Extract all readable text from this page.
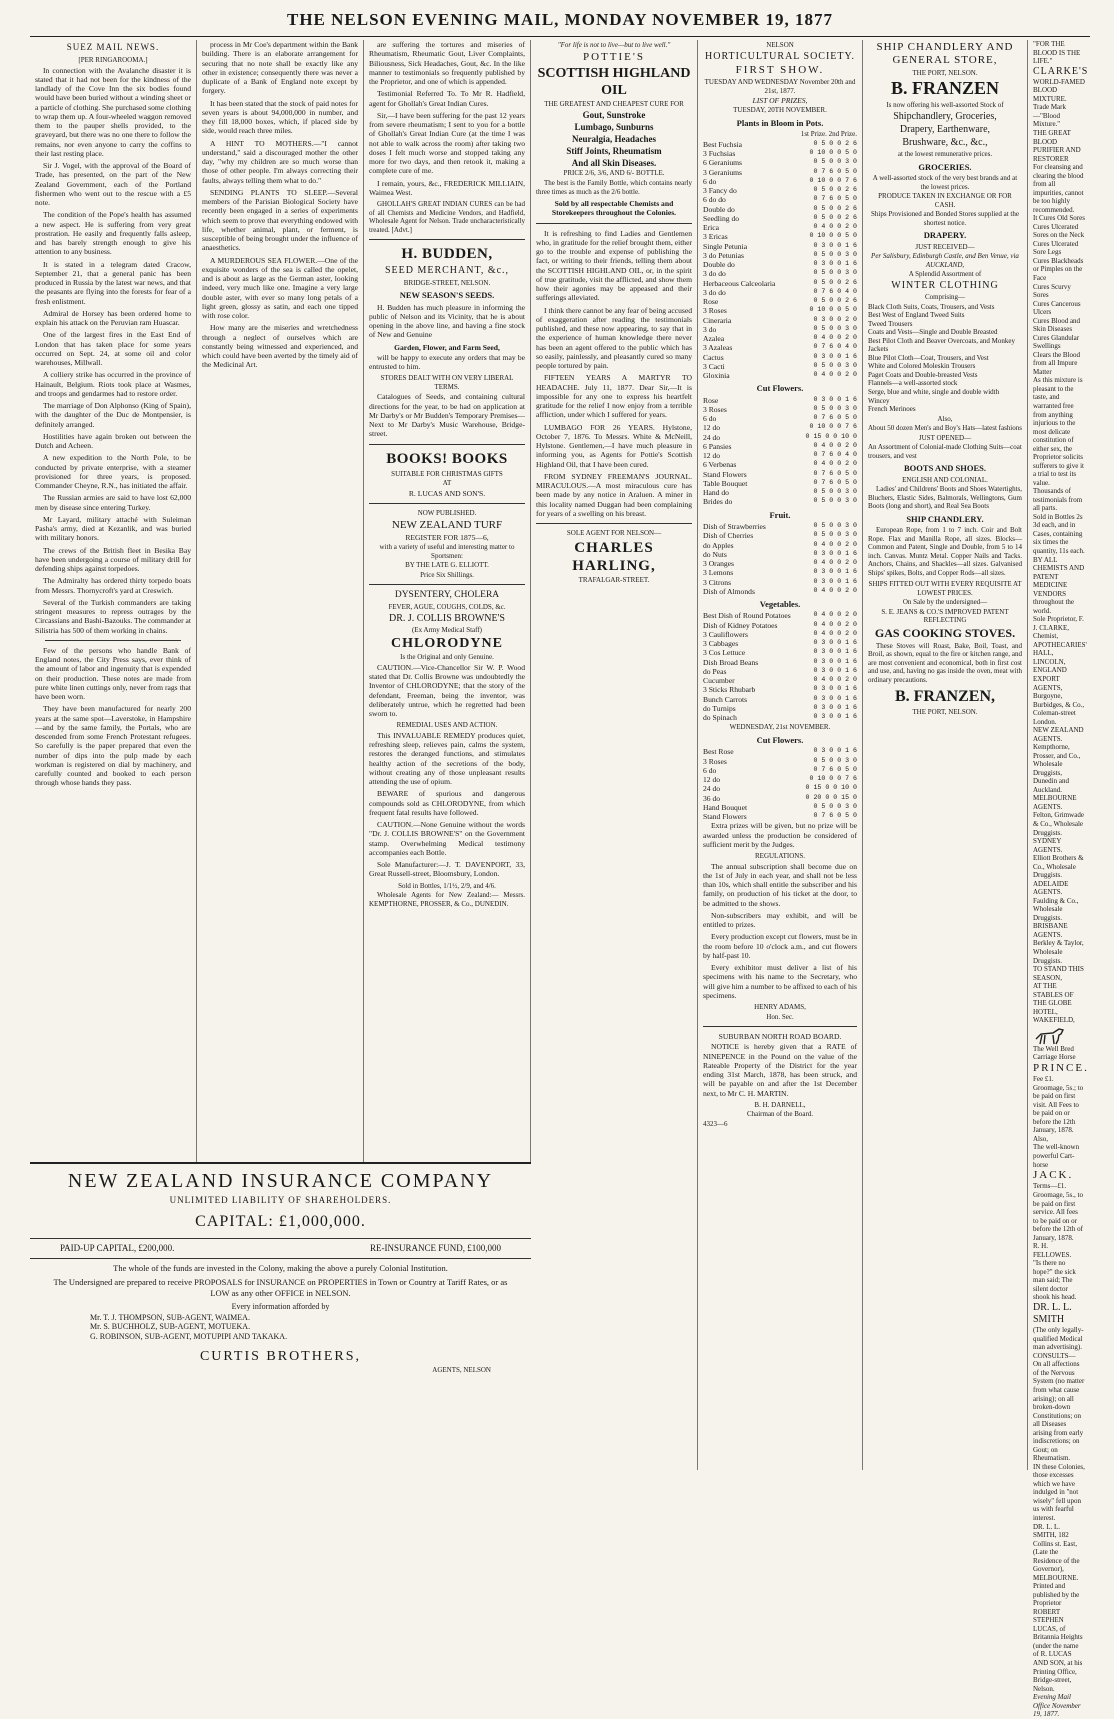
THE NELSON EVENING MAIL, MONDAY NOVEMBER 19, 1877
SUEZ MAIL NEWS.
[PER RINGAROOMA.]

In connection with the Avalanche disaster it is stated that it had not been for the kindness of the landlady of the Cove Inn the six bodies found would have been buried without a winding sheet or a particle of clothing. She purchased some clothing to wrap them up. A four-wheeled waggon removed them to the pauper shells provided, to the graveyard, but there was no one there to follow the remains, nor even anyone to carry the coffins to their last resting place.

Sir J. Vogel, with the approval of the Board of Trade, has presented, on the part of the New Zealand Government, each of the Portland fishermen who went out to the rescue with a £5 note.

The condition of the Pope's health has assumed a new aspect. He is suffering from very great prostration. He easily and frequently falls asleep, and has barely strength enough to give his attention to any business.

It is stated in a telegram dated Cracow, September 21, that a general panic has been produced in Russia by the latest war news, and that the peasants are flying into the forests for fear of a fresh enlistment.

Admiral de Horsey has been ordered home to explain his attack on the Peruvian ram Huascar.

One of the largest fires in the East End of London that has taken place for some years occurred on Sept. 24, at some oil and color warehouses, Millwall.

A colliery strike has occurred in the province of Hainault, Belgium. Riots took place at Wasmes, and troops and gendarmes had to restore order.

The marriage of Don Alphonso (King of Spain), with the daughter of the Duc de Montpensier, is definitely arranged.

Hostilities have again broken out between the Dutch and Acheen.

A new expedition to the North Pole, to be conducted by private enterprise, with a steamer provisioned for three years, is proposed. Commander Cheyne, R.N., has initiated the affair.

The Russian armies are said to have lost 62,000 men by disease since entering Turkey.

Mr Layard, military attaché with Suleiman Pasha's army, died at Kezanlik, and was buried with military honors.

The crews of the British fleet in Besika Bay have been undergoing a course of military drill for defending ships against torpedoes.

The Admiralty has ordered thirty torpedo boats from Messrs. Thornycroft's yard at Creswich.

Several of the Turkish commanders are taking stringent measures to repress outrages by the Circassians and Bashi-Bazouks. The commander at Silistria has 500 of them working in chains.

Few of the persons who handle Bank of England notes, the City Press says, ever think of the amount of labor and ingenuity that is expended on their production. These notes are made from pure white linen cuttings only, never from rags that have been worn.

They have been manufactured for nearly 200 years at the same spot—Laverstoke, in Hampshire—and by the same family, the Portals, who are descended from some French Protestant refugees. So carefully is the paper prepared that even the number of dips into the pulp made by each workman is registered on dial by machinery, and carefully counted and booked to each person through whose hands they pass.

process in Mr Coe's department within the Bank building. There is an elaborate arrangement for securing that no note shall be exactly like any other in existence; consequently there was never a duplicate of a Bank of England note except by forgery.

It has been stated that the stock of paid notes for seven years is about 94,000,000 in number, and they fill 18,000 boxes, which, if placed side by side, would reach three miles.

A HINT TO MOTHERS.—"I cannot understand," said a discouraged mother the other day, "why my children are so much worse than those of other people. I'm always correcting their faults, always telling them what to do."

SENDING PLANTS TO SLEEP.—Several members of the Parisian Biological Society have recently been engaged in a series of experiments which seem to prove that everything endowed with life, whether animal, plant, or ferment, is susceptible of being brought under the influence of anaesthetics.

A MURDEROUS SEA FLOWER.—One of the exquisite wonders of the sea is called the opelet, and is about as large as the German aster, looking indeed, very much like one. Imagine a very large double aster, with ever so many long petals of a light green, glossy as satin, and each one tipped with rose color.

How many are the miseries and wretchedness through a neglect of ourselves which are constantly being witnessed and experienced, and which could have been averted by the timely aid of the Medicinal Art.

are suffering the tortures and miseries of Rheumatism, Rheumatic Gout, Liver Complaints, Biliousness, Sick Headaches, Gout, &c. In the like manner to testimonials so frequently published by the Proprietor, and one of which is appended.

Testimonial Referred To. To Mr R. Hadfield, agent for Ghollah's Great Indian Cures.

Sir,—I have been suffering for the past 12 years from severe rheumatism; I sent to you for a bottle of Ghollah's Great Indian Cure (at the time I was not able to walk across the room) after taking two doses I felt much worse and stopped taking any more for two days, and then retook it, making a complete cure of me.

I remain, yours, &c., FREDERICK MILLIAIN, Waimea West.

GHOLLAH'S GREAT INDIAN CURES can be had of all Chemists and Medicine Vendors, and Hadfield, Wholesale Agent for Nelson. Trade uncharacteristically treated. [Advt.]

H. BUDDEN,
SEED MERCHANT, &c.,
BRIDGE-STREET, NELSON.
NEW SEASON'S SEEDS.

H. Budden has much pleasure in informing the public of Nelson and its Vicinity, that he is about opening in the above line, and having a fine stock of New and Genuine

Garden, Flower, and Farm Seed,

will be happy to execute any orders that may be entrusted to him.

STORES DEALT WITH ON VERY LIBERAL TERMS.

Catalogues of Seeds, and containing cultural directions for the year, to be had on application at Mr Darby's or Mr Budden's Temporary Premises—Next to Mr Darby's Music Warehouse, Bridge-street.

BOOKS! BOOKS
SUITABLE FOR CHRISTMAS GIFTS
AT
R. LUCAS AND SON'S.
NOW PUBLISHED.
NEW ZEALAND TURF
REGISTER FOR 1875—6,
with a variety of useful and interesting matter to Sportsmen:
BY THE LATE G. ELLIOTT.
Price Six Shillings.
DYSENTERY, CHOLERA
FEVER, AGUE, COUGHS, COLDS, &c.
DR. J. COLLIS BROWNE'S
(Ex Army Medical Staff)
CHLORODYNE
Is the Original and only Genuine.

CAUTION.—Vice-Chancellor Sir W. P. Wood stated that Dr. Collis Browne was undoubtedly the Inventor of CHLORODYNE; that the story of the defendant, Freeman, being the inventor, was deliberately untrue, which he regretted had been sworn to.

REMEDIAL USES AND ACTION.

This INVALUABLE REMEDY produces quiet, refreshing sleep, relieves pain, calms the system, restores the deranged functions, and stimulates healthy action of the secretions of the body, without creating any of those unpleasant results attending the use of opium.

BEWARE of spurious and dangerous compounds sold as CHLORODYNE, from which frequent fatal results have followed.

CAUTION.—None Genuine without the words "Dr. J. COLLIS BROWNE'S" on the Government stamp. Overwhelming Medical testimony accompanies each Bottle.

Sole Manufacturer:—J. T. DAVENPORT, 33, Great Russell-street, Bloomsbury, London.

Sold in Bottles, 1/1½, 2/9, and 4/6.

Wholesale Agents for New Zealand:— Messrs. KEMPTHORNE, PROSSER, & Co., DUNEDIN.

"For life is not to live—but to live well."
POTTIE'S
SCOTTISH HIGHLAND OIL
THE GREATEST AND CHEAPEST CURE FOR
Gout, Sunstroke
Lumbago, Sunburns
Neuralgia, Headaches
Stiff Joints, Rheumatism
And all Skin Diseases.
PRICE 2/6, 3/6, AND 6/- BOTTLE.

The best is the Family Bottle, which contains nearly three times as much as the 2/6 bottle.

Sold by all respectable Chemists and Storekeepers throughout the Colonies.

It is refreshing to find Ladies and Gentlemen who, in gratitude for the relief brought them, either go to the trouble and expense of publishing the fact, or writing to their friends, telling them about the SCOTTISH HIGHLAND OIL, or, in the spirit of true gratitude, visit the afflicted, and show them how their agonies may be appeased and their sufferings alleviated.

I think there cannot be any fear of being accused of exaggeration after reading the testimonials published, and these now appearing, to say that in the experience of human knowledge there never has been an agent offered to the public which has so easily, painlessly, and pleasantly cured so many people tortured by pain.

FIFTEEN YEARS A MARTYR TO HEADACHE. July 11, 1877. Dear Sir,—It is impossible for any one to express his heartfelt gratitude for the relief I now enjoy from a terrible affliction, under which I suffered for years.

LUMBAGO FOR 26 YEARS. Hylstone, October 7, 1876. To Messrs. White & McNeill, Hylstone. Gentlemen,—I have much pleasure in informing you, as Agents for Pottie's Scottish Highland Oil, that I have been cured.

FROM SYDNEY FREEMAN'S JOURNAL. MIRACULOUS.—A most miraculous cure has been made by any notice in Araluen. A miner in this locality named Duggan had been complaining for years of a swelling on his breast.

SOLE AGENT FOR NELSON—
CHARLES HARLING,
TRAFALGAR-STREET.
NELSON
HORTICULTURAL SOCIETY.
FIRST SHOW.
TUESDAY AND WEDNESDAY November 20th and 21st, 1877.
LIST OF PRIZES,
TUESDAY, 20TH NOVEMBER.
Plants in Bloom in Pots.
1st Prize. 2nd Prize.
Best Fuchsia	0 5 0 0 2 6
3 Fuchsias	0 10 0 0 5 0
6 Geraniums	0 5 0 0 3 0
3 Geraniums	0 7 6 0 5 0
6 do	0 10 0 0 7 6
3 Fancy do	0 5 0 0 2 6
6 do do	0 7 6 0 5 0
Double do	0 5 0 0 2 6
Seedling do	0 5 0 0 2 6
Erica	0 4 0 0 2 0
3 Ericas	0 10 0 0 5 0
Single Petunia	0 3 0 0 1 6
3 do Petunias	0 5 0 0 3 0
Double do	0 3 0 0 1 6
3 do do	0 5 0 0 3 0
Herbaceous Calceolaria	0 5 0 0 2 6
3 do do	0 7 6 0 4 0
Rose	0 5 0 0 2 6
3 Roses	0 10 0 0 5 0
Cineraria	0 3 0 0 2 0
3 do	0 5 0 0 3 0
Azalea	0 4 0 0 2 0
3 Azaleas	0 7 6 0 4 0
Cactus	0 3 0 0 1 6
3 Cacti	0 5 0 0 3 0
Gloxinia	0 4 0 0 2 0
Cut Flowers.
Rose	0 3 0 0 1 6
3 Roses	0 5 0 0 3 0
6 do	0 7 6 0 5 0
12 do	0 10 0 0 7 6
24 do	0 15 0 0 10 0
6 Pansies	0 4 0 0 2 0
12 do	0 7 6 0 4 0
6 Verbenas	0 4 0 0 2 0
Stand Flowers	0 7 6 0 5 0
Table Bouquet	0 7 6 0 5 0
Hand do	0 5 0 0 3 0
Brides do	0 5 0 0 3 0
Fruit.
Dish of Strawberries	0 5 0 0 3 0
Dish of Cherries	0 5 0 0 3 0
do Apples	0 4 0 0 2 0
do Nuts	0 3 0 0 1 6
3 Oranges	0 4 0 0 2 0
3 Lemons	0 3 0 0 1 6
3 Citrons	0 3 0 0 1 6
Dish of Almonds	0 4 0 0 2 0
Vegetables.
Best Dish of Round Potatoes	0 4 0 0 2 0
Dish of Kidney Potatoes	0 4 0 0 2 0
3 Cauliflowers	0 4 0 0 2 0
3 Cabbages	0 3 0 0 1 6
3 Cos Lettuce	0 3 0 0 1 6
Dish Broad Beans	0 3 0 0 1 6
do Peas	0 3 0 0 1 6
Cucumber	0 4 0 0 2 0
3 Sticks Rhubarb	0 3 0 0 1 6
Bunch Carrots	0 3 0 0 1 6
do Turnips	0 3 0 0 1 6
do Spinach	0 3 0 0 1 6
WEDNESDAY, 21st NOVEMBER.
Cut Flowers.
Best Rose	0 3 0 0 1 6
3 Roses	0 5 0 0 3 0
6 do	0 7 6 0 5 0
12 do	0 10 0 0 7 6
24 do	0 15 0 0 10 0
36 do	0 20 0 0 15 0
Hand Bouquet	0 5 0 0 3 0
Stand Flowers	0 7 6 0 5 0

Extra prizes will be given, but no prize will be awarded unless the production be considered of sufficient merit by the Judges.

REGULATIONS.

The annual subscription shall become due on the 1st of July in each year, and shall not be less than 10s, which shall entitle the subscriber and his family, on production of his ticket at the door, to be admitted to the shows.

Non-subscribers may exhibit, and will be entitled to prizes.

Every production except cut flowers, must be in the room before 10 o'clock a.m., and cut flowers by half-past 10.

Every exhibitor must deliver a list of his specimens with his name to the Secretary, who will give him a number to be affixed to each of his specimens.

HENRY ADAMS,
Hon. Sec.
SUBURBAN NORTH ROAD BOARD.

NOTICE is hereby given that a RATE of NINEPENCE in the Pound on the value of the Rateable Property of the District for the year ending 31st March, 1878, has been struck, and will be payable on and after the 1st December next, to Mr C. H. MARTIN.

B. H. DARNELL,
Chairman of the Board.
4323—6
SHIP CHANDLERY AND GENERAL STORE,
THE PORT, NELSON.
B. FRANZEN
Is now offering his well-assorted Stock of
Shipchandlery, Groceries,
Drapery, Earthenware,
Brushware, &c., &c.,
at the lowest remunerative prices.
GROCERIES.
A well-assorted stock of the very best brands and at the lowest prices.
PRODUCE TAKEN IN EXCHANGE OR FOR CASH.
Ships Provisioned and Bonded Stores supplied at the shortest notice.
DRAPERY.
JUST RECEIVED—
Per Salisbury, Edinburgh Castle, and Ben Venue, via AUCKLAND,
A Splendid Assortment of
WINTER CLOTHING
Comprising—
Black Cloth Suits, Coats, Trousers, and Vests
Best West of England Tweed Suits
Tweed Trousers
Coats and Vests—Single and Double Breasted
Best Pilot Cloth and Beaver Overcoats, and Monkey Jackets
Blue Pilot Cloth—Coat, Trousers, and Vest
White and Colored Moleskin Trousers
Paget Coats and Double-breasted Vests
Flannels—a well-assorted stock
Serge, blue and white, single and double width
Wincey
French Merinoes
Also,
About 50 dozen Men's and Boy's Hats—latest fashions
JUST OPENED—
An Assortment of Colonial-made Clothing Suits—coat trousers, and vest
BOOTS AND SHOES.
ENGLISH AND COLONIAL.

Ladies' and Childrens' Boots and Shoes Watertights, Bluchers, Elastic Sides, Balmorals, Wellingtons, Gum Boots (long and short), and Real Sea Boots

SHIP CHANDLERY.

European Rope, from 1 to 7 inch. Coir and Bolt Rope. Flax and Manilla Rope, all sizes. Blocks—Common and Patent, Single and Double, from 5 to 14 inch. Canvas. Muntz Metal. Copper Nails and Tacks. Anchors, Chains, and Shackles—all sizes. Galvanised Ships' spikes, Bolts, and Copper Rods—all sizes.

SHIPS FITTED OUT WITH EVERY REQUISITE AT LOWEST PRICES.
On Sale by the undersigned—
S. E. JEANS & CO.'S IMPROVED PATENT REFLECTING
GAS COOKING STOVES.

These Stoves will Roast, Bake, Boil, Toast, and Broil, as shown, equal to the fire or kitchen range, and are most convenient and economical, both in first cost and use, and, having no gas inside the oven, meat with ordinary precautions.

B. FRANZEN,
THE PORT, NELSON.
"FOR THE BLOOD IS THE LIFE."
CLARKE'S
WORLD-FAMED BLOOD MIXTURE.
Trade Mark—"Blood Mixture."
THE GREAT BLOOD PURIFIER AND RESTORER
For cleansing and clearing the blood from all impurities, cannot be too highly recommended.
It Cures Old Sores
Cures Ulcerated Sores on the Neck
Cures Ulcerated Sore Legs
Cures Blackheads or Pimples on the Face
Cures Scurvy Sores
Cures Cancerous Ulcers
Cures Blood and Skin Diseases
Cures Glandular Swellings
Clears the Blood from all Impure Matter
As this mixture is pleasant to the taste, and warranted free from anything injurious to the most delicate constitution of either sex, the Proprietor solicits sufferers to give it a trial to test its value.
Thousands of testimonials from all parts.
Sold in Bottles 2s 3d each, and in Cases, containing six times the quantity, 11s each.
BY ALL CHEMISTS AND PATENT MEDICINE VENDORS throughout the world.
Sole Proprietor, F. J. CLARKE, Chemist, APOTHECARIES' HALL, LINCOLN, ENGLAND
EXPORT AGENTS,
Burgoyne, Burbidges, & Co., Coleman-street London.
NEW ZEALAND AGENTS.
Kempthorne, Prosser, and Co., Wholesale Druggists, Dunedin and Auckland.
MELBOURNE AGENTS.
Felton, Grimwade & Co., Wholesale Druggists.
SYDNEY AGENTS.
Elliott Brothers & Co., Wholesale Druggists.
ADELAIDE AGENTS.
Faulding & Co., Wholesale Druggists.
BRISBANE AGENTS.
Berkley & Taylor, Wholesale Druggists.
TO STAND THIS SEASON,
AT THE STABLES OF THE GLOBE HOTEL, WAKEFIELD,
The Well Bred Carriage Horse
PRINCE.
Fee £1. Groomage, 5s.; to be paid on first visit. All Fees to be paid on or before the 12th January, 1878.
Also,
The well-known powerful Cart-horse
JACK.
Terms—£1. Groomage, 5s., to be paid on first service. All fees to be paid on or before the 12th of January, 1878.
R. H. FELLOWES.
"Is there no hope?" the sick man said; The silent doctor shook his head.
DR. L. L. SMITH
(The only legally-qualified Medical man advertising).
CONSULTS—
On all affections of the Nervous System (no matter from what cause arising); on all broken-down Constitutions; on all Diseases arising from early indiscretions; on Gout; on Rheumatism.
IN these Colonies, those excesses which we have indulged in "not wisely" fell upon us with fearful interest.
DR. L. L. SMITH, 182 Collins st. East, (Late the Residence of the Governor),
MELBOURNE.
Printed and published by the Proprietor ROBERT STEPHEN LUCAS, of Britannia Heights (under the name of R. LUCAS AND SON, at his Printing Office, Bridge-street, Nelson.
Evening Mail Office November 19, 1877.
NEW ZEALAND INSURANCE COMPANY
UNLIMITED LIABILITY OF SHAREHOLDERS.
CAPITAL: £1,000,000.
PAID-UP CAPITAL, £200,000.	RE-INSURANCE FUND, £100,000

The whole of the funds are invested in the Colony, making the above a purely Colonial Institution.

The Undersigned are prepared to receive PROPOSALS for INSURANCE on PROPERTIES in Town or Country at Tariff Rates, or as LOW as any other OFFICE in NELSON.

Every information afforded by
Mr. T. J. THOMPSON, SUB-AGENT, WAIMEA.
Mr. S. BUCHHOLZ, SUB-AGENT, MOTUEKA.
G. ROBINSON, SUB-AGENT, MOTUPIPI AND TAKAKA.
CURTIS BROTHERS,
AGENTS, NELSON
